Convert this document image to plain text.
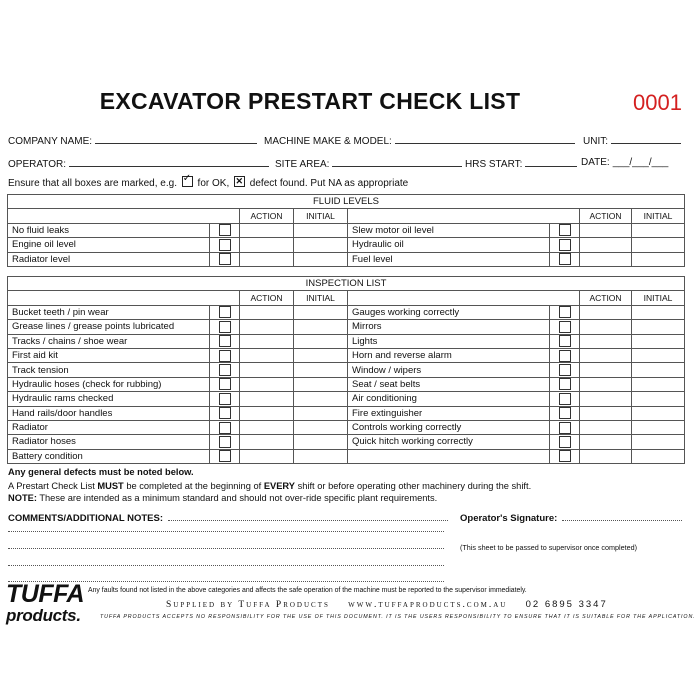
EXCAVATOR PRESTART CHECK LIST	0001
COMPANY NAME:	MACHINE MAKE & MODEL:	UNIT:
OPERATOR:	SITE AREA:	HRS START:	DATE: ___/___/___
Ensure that all boxes are marked, e.g. ✓ for OK, ✕ defect found. Put NA as appropriate
FLUID LEVELS							
		ACTION	INITIAL			ACTION	INITIAL
No fluid leaks				Slew motor oil level			
Engine oil level				Hydraulic oil			
Radiator level				Fuel level			
INSPECTION LIST							
		ACTION	INITIAL			ACTION	INITIAL
Bucket teeth / pin wear				Gauges working correctly			
Grease lines / grease points lubricated				Mirrors			
Tracks / chains / shoe wear				Lights			
First aid kit				Horn and reverse alarm			
Track tension				Window / wipers			
Hydraulic hoses (check for rubbing)				Seat / seat belts			
Hydraulic rams checked				Air conditioning			
Hand rails/door handles				Fire extinguisher			
Radiator				Controls working correctly			
Radiator hoses				Quick hitch working correctly			
Battery condition							
Any general defects must be noted below.
A Prestart Check List MUST be completed at the beginning of EVERY shift or before operating other machinery during the shift.
NOTE: These are intended as a minimum standard and should not over-ride specific plant requirements.
COMMENTS/ADDITIONAL NOTES:	Operator's Signature:
(This sheet to be passed to supervisor once completed)
TUFFA
products.
Any faults found not listed in the above categories and affects the safe operation of the machine must be reported to the supervisor immediately.
Supplied by Tuffa Products www.tuffaproducts.com.au 02 6895 3347
TUFFA PRODUCTS ACCEPTS NO RESPONSIBILITY FOR THE USE OF THIS DOCUMENT. IT IS THE USERS RESPONSIBILITY TO ENSURE THAT IT IS SUITABLE FOR THE APPLICATION.
